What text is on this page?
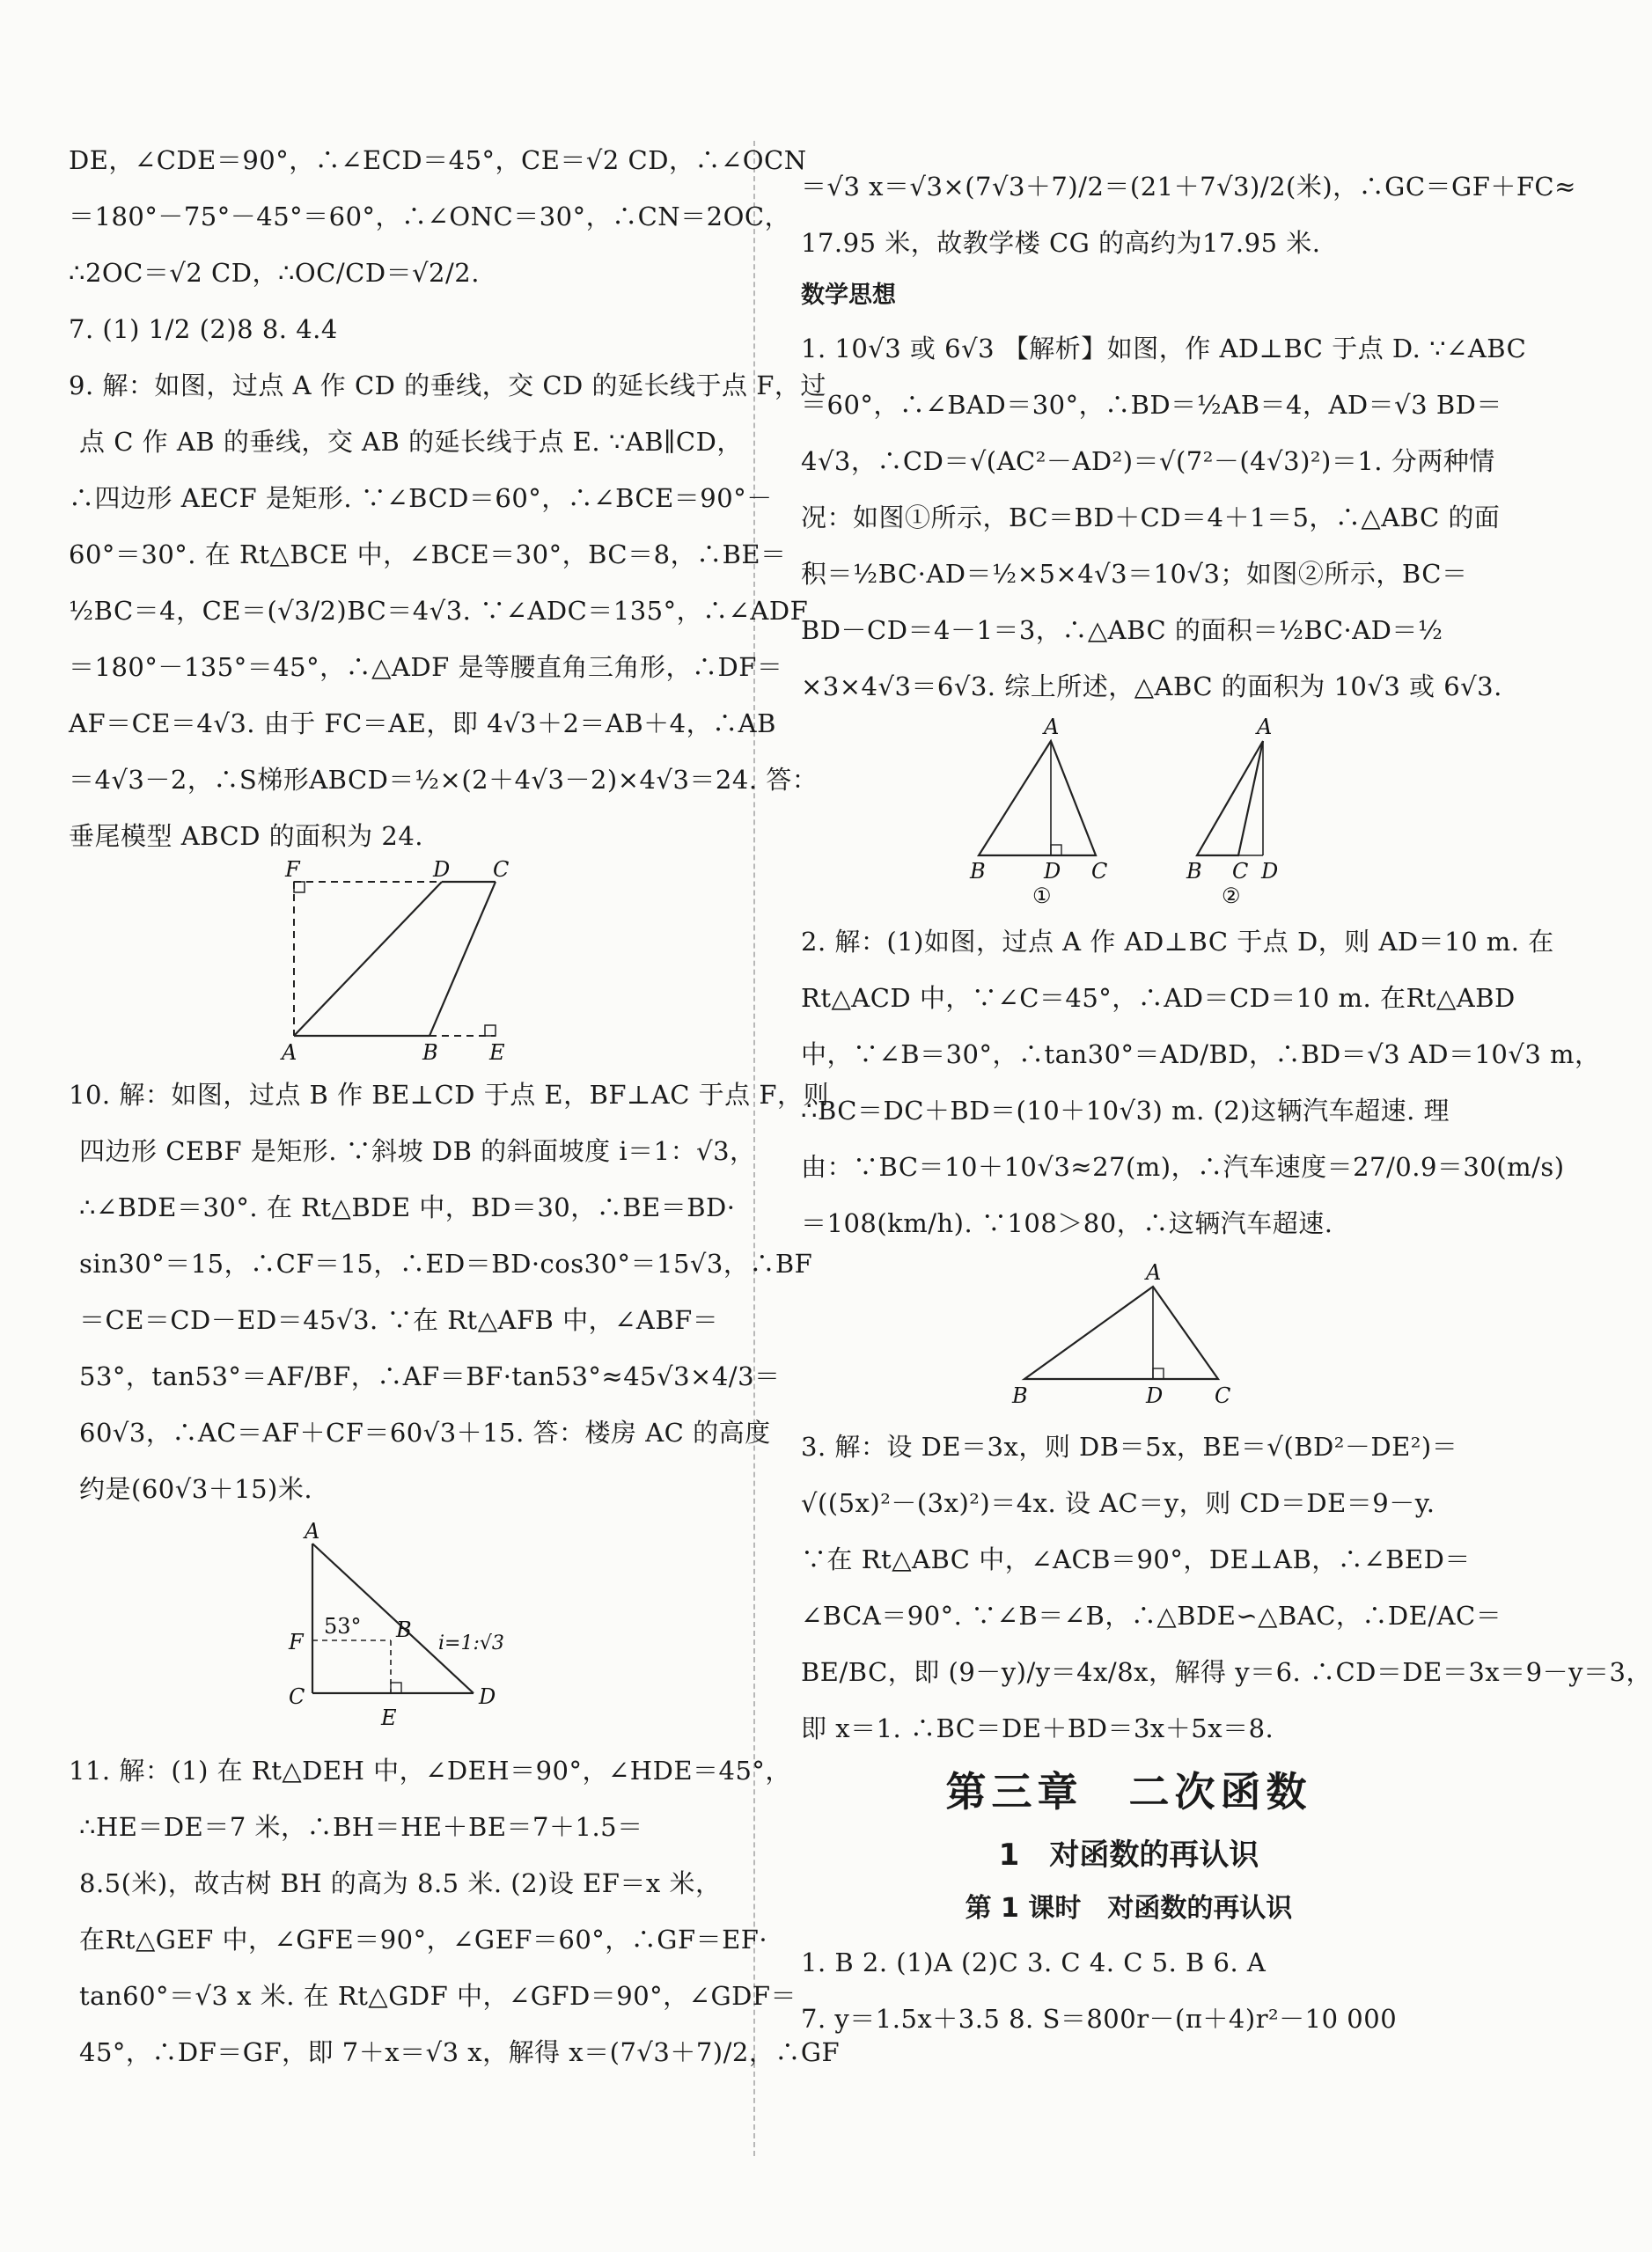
DE，∠CDE＝90°，∴∠ECD＝45°，CE＝√2 CD，∴∠OCN
＝180°－75°－45°＝60°，∴∠ONC＝30°，∴CN＝2OC，
∴2OC＝√2 CD，∴OC/CD＝√2/2.
7. (1) 1/2 (2)8 8. 4.4
9. 解：如图，过点 A 作 CD 的垂线，交 CD 的延长线于点 F，过
点 C 作 AB 的垂线，交 AB 的延长线于点 E. ∵AB∥CD，
∴四边形 AECF 是矩形. ∵∠BCD＝60°，∴∠BCE＝90°－
60°＝30°. 在 Rt△BCE 中，∠BCE＝30°，BC＝8，∴BE＝
½BC＝4，CE＝(√3/2)BC＝4√3. ∵∠ADC＝135°，∴∠ADF
＝180°－135°＝45°，∴△ADF 是等腰直角三角形，∴DF＝
AF＝CE＝4√3. 由于 FC＝AE，即 4√3＋2＝AB＋4，∴AB
＝4√3－2，∴S梯形ABCD＝½×(2＋4√3－2)×4√3＝24. 答：
垂尾模型 ABCD 的面积为 24.
F	D C
A	B E
10. 解：如图，过点 B 作 BE⊥CD 于点 E，BF⊥AC 于点 F，则
四边形 CEBF 是矩形. ∵斜坡 DB 的斜面坡度 i＝1：√3，
∴∠BDE＝30°. 在 Rt△BDE 中，BD＝30，∴BE＝BD·
sin30°＝15，∴CF＝15，∴ED＝BD·cos30°＝15√3，∴BF
＝CE＝CD－ED＝45√3. ∵在 Rt△AFB 中，∠ABF＝
53°，tan53°＝AF/BF，∴AF＝BF·tan53°≈45√3×4/3＝
60√3，∴AC＝AF＋CF＝60√3＋15. 答：楼房 AC 的高度
约是(60√3＋15)米.
A
F
53° B
i=1:√3
C
E
D
11. 解：(1) 在 Rt△DEH 中，∠DEH＝90°，∠HDE＝45°，
∴HE＝DE＝7 米，∴BH＝HE＋BE＝7＋1.5＝
8.5(米)，故古树 BH 的高为 8.5 米. (2)设 EF＝x 米，
在Rt△GEF 中，∠GFE＝90°，∠GEF＝60°，∴GF＝EF·
tan60°＝√3 x 米. 在 Rt△GDF 中，∠GFD＝90°，∠GDF＝
45°，∴DF＝GF，即 7＋x＝√3 x，解得 x＝(7√3＋7)/2，∴GF
＝√3 x＝√3×(7√3＋7)/2＝(21＋7√3)/2(米)，∴GC＝GF＋FC≈
17.95 米，故教学楼 CG 的高约为17.95 米.
数学思想
1. 10√3 或 6√3 【解析】如图，作 AD⊥BC 于点 D. ∵∠ABC
＝60°，∴∠BAD＝30°，∴BD＝½AB＝4，AD＝√3 BD＝
4√3，∴CD＝√(AC²－AD²)＝√(7²－(4√3)²)＝1. 分两种情
况：如图①所示，BC＝BD＋CD＝4＋1＝5，∴△ABC 的面
积＝½BC·AD＝½×5×4√3＝10√3；如图②所示，BC＝
BD－CD＝4－1＝3，∴△ABC 的面积＝½BC·AD＝½
×3×4√3＝6√3. 综上所述，△ABC 的面积为 10√3 或 6√3.
A
B	D C
①
A
B C D
②
2. 解：(1)如图，过点 A 作 AD⊥BC 于点 D，则 AD＝10 m. 在
Rt△ACD 中，∵∠C＝45°，∴AD＝CD＝10 m. 在Rt△ABD
中，∵∠B＝30°，∴tan30°＝AD/BD，∴BD＝√3 AD＝10√3 m，
∴BC＝DC＋BD＝(10＋10√3) m. (2)这辆汽车超速. 理
由：∵BC＝10＋10√3≈27(m)，∴汽车速度＝27/0.9＝30(m/s)
＝108(km/h). ∵108＞80，∴这辆汽车超速.
A
B	D C
3. 解：设 DE＝3x，则 DB＝5x，BE＝√(BD²－DE²)＝
√((5x)²－(3x)²)＝4x. 设 AC＝y，则 CD＝DE＝9－y.
∵在 Rt△ABC 中，∠ACB＝90°，DE⊥AB，∴∠BED＝
∠BCA＝90°. ∵∠B＝∠B，∴△BDE∽△BAC，∴DE/AC＝
BE/BC，即 (9－y)/y＝4x/8x，解得 y＝6. ∴CD＝DE＝3x＝9－y＝3，
即 x＝1. ∴BC＝DE＋BD＝3x＋5x＝8.
第三章　二次函数
1　对函数的再认识
第 1 课时　对函数的再认识
1. B 2. (1)A (2)C 3. C 4. C 5. B 6. A
7. y＝1.5x＋3.5 8. S＝800r－(π＋4)r²－10 000
